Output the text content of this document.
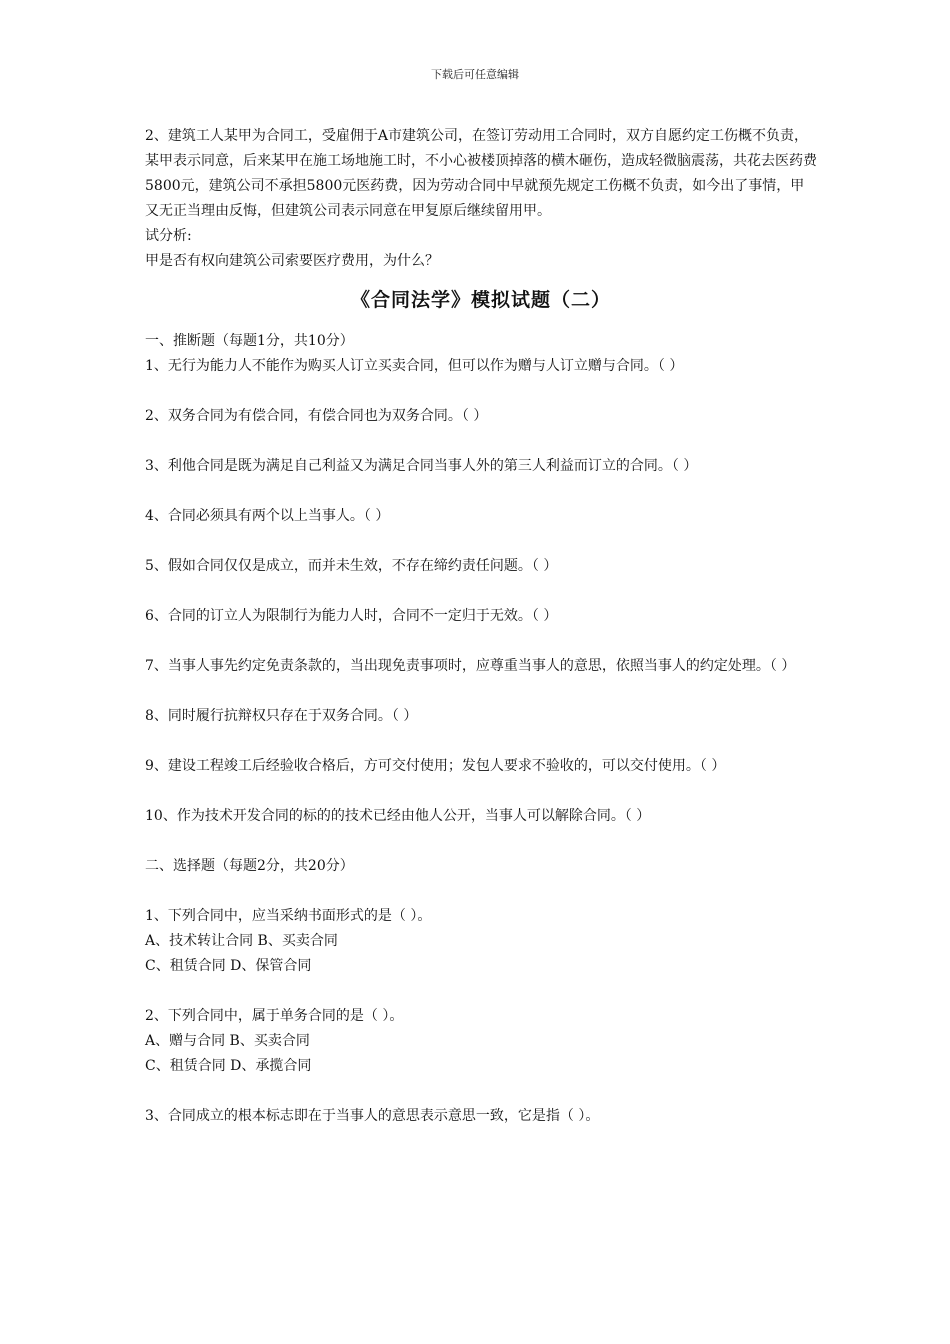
下载后可任意编辑

2、建筑工人某甲为合同工，受雇佣于A市建筑公司，在签订劳动用工合同时，双方自愿约定工伤概不负责，某甲表示同意，后来某甲在施工场地施工时，不小心被楼顶掉落的横木砸伤，造成轻微脑震荡，共花去医药费5800元，建筑公司不承担5800元医药费，因为劳动合同中早就预先规定工伤概不负责，如今出了事情，甲又无正当理由反悔，但建筑公司表示同意在甲复原后继续留用甲。

试分析:

甲是否有权向建筑公司索要医疗费用，为什么？

《合同法学》模拟试题（二）

一、推断题（每题1分，共10分）

1、无行为能力人不能作为购买人订立买卖合同，但可以作为赠与人订立赠与合同。（ ）

2、双务合同为有偿合同，有偿合同也为双务合同。（ ）

3、利他合同是既为满足自己利益又为满足合同当事人外的第三人利益而订立的合同。（ ）

4、合同必须具有两个以上当事人。（ ）

5、假如合同仅仅是成立，而并未生效，不存在缔约责任问题。（ ）

6、合同的订立人为限制行为能力人时，合同不一定归于无效。（ ）

7、当事人事先约定免责条款的，当出现免责事项时，应尊重当事人的意思，依照当事人的约定处理。（ ）

8、同时履行抗辩权只存在于双务合同。（ ）

9、建设工程竣工后经验收合格后，方可交付使用；发包人要求不验收的，可以交付使用。（ ）

10、作为技术开发合同的标的的技术已经由他人公开，当事人可以解除合同。（ ）

二、选择题（每题2分，共20分）

1、下列合同中，应当采纳书面形式的是（ ）。

A、技术转让合同 B、买卖合同

C、租赁合同 D、保管合同

2、下列合同中，属于单务合同的是（ ）。

A、赠与合同 B、买卖合同

C、租赁合同 D、承揽合同

3、合同成立的根本标志即在于当事人的意思表示意思一致，它是指（ ）。
